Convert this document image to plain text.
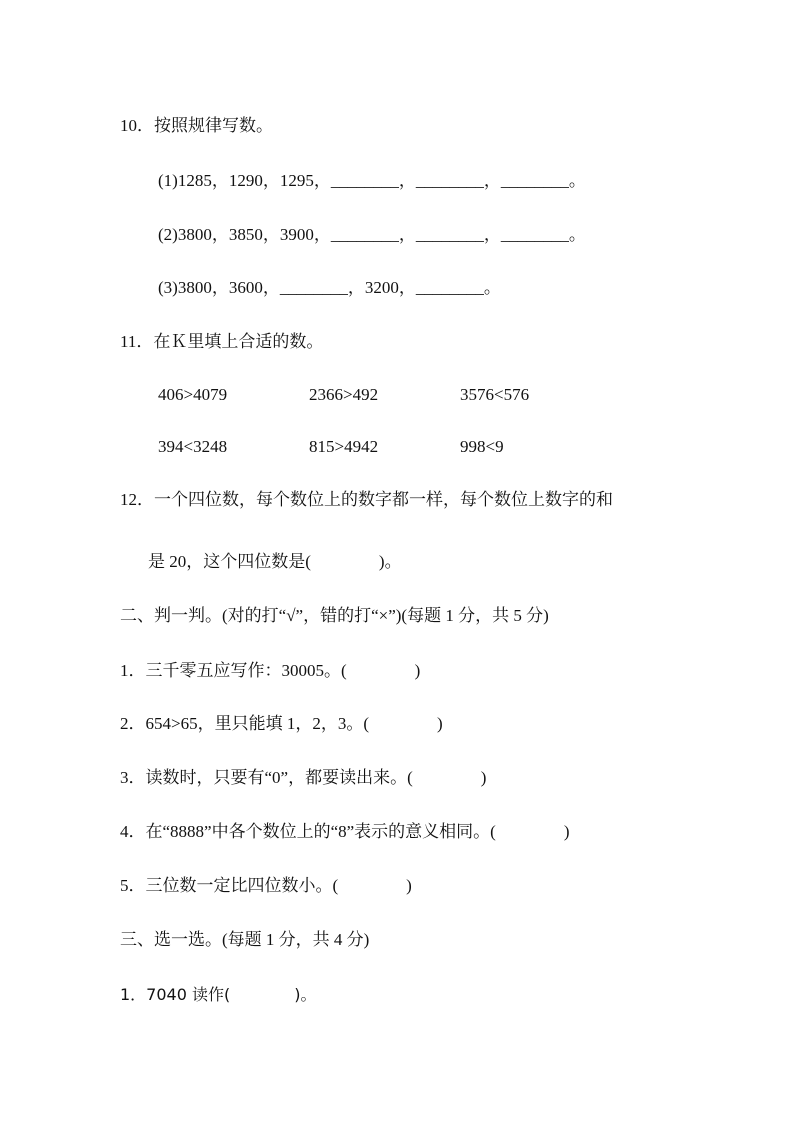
10．按照规律写数。
(1)1285，1290，1295，________，________，________。
(2)3800，3850，3900，________，________，________。
(3)3800，3600，________，3200，________。
11．在Ｋ里填上合适的数。
406>4079	2366>492	3576<576
394<3248	815>4942	998<9
12．一个四位数，每个数位上的数字都一样，每个数位上数字的和
是 20，这个四位数是(　　　　)。
二、判一判。(对的打“√”，错的打“×”)(每题 1 分，共 5 分)
1．三千零五应写作：30005。(　　　　)
2．654>65，里只能填 1，2，3。(　　　　)
3．读数时，只要有“0”，都要读出来。(　　　　)
4．在“8888”中各个数位上的“8”表示的意义相同。(　　　　)
5．三位数一定比四位数小。(　　　　)
三、选一选。(每题 1 分，共 4 分)
1．7040 读作(　　　　)。
